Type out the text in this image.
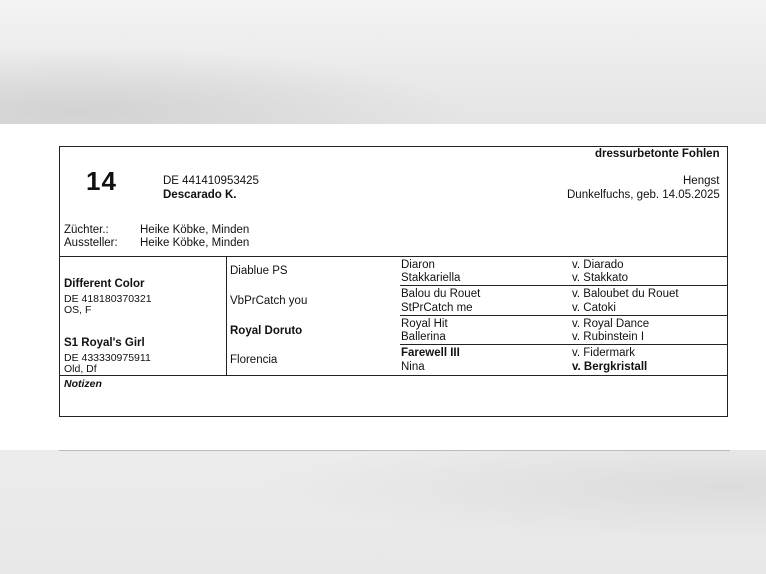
dressurbetonte Fohlen
14	DE 441410953425
Descarado K.
Hengst
Dunkelfuchs, geb. 14.05.2025
Züchter.:	Heike Köbke, Minden
Aussteller: Heike Köbke, Minden
Different Color
DE 418180370321
OS, F
S1 Royal's Girl
DE 433330975911
Old, Df
Diablue PS
VbPrCatch you
Royal Doruto
Florencia
Diaron
Stakkariella
Balou du Rouet
StPrCatch me
Royal Hit
Ballerina
Farewell III
Nina
v. Diarado
v. Stakkato
v. Baloubet du Rouet
v. Catoki
v. Royal Dance
v. Rubinstein I
v. Fidermark
v. Bergkristall
Notizen
